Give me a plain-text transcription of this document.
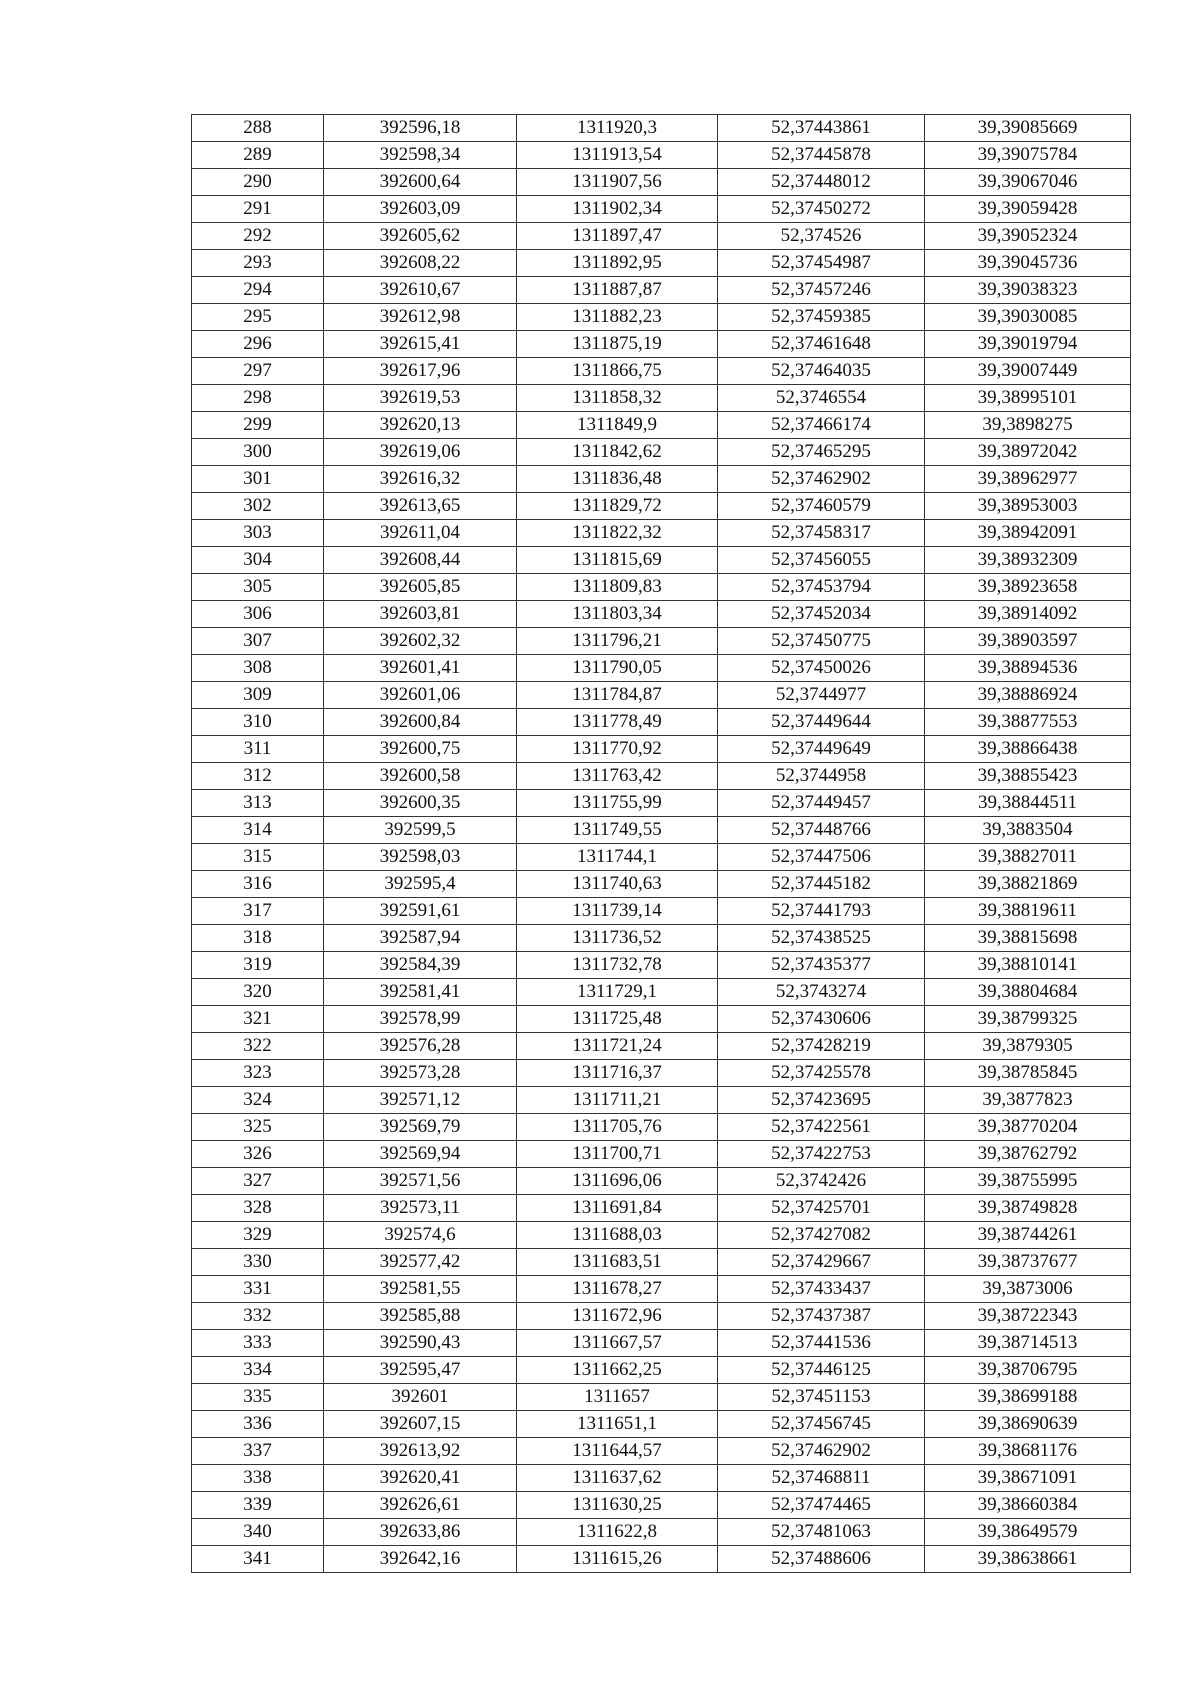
288	392596,18	1311920,3	52,37443861	39,39085669
289	392598,34	1311913,54	52,37445878	39,39075784
290	392600,64	1311907,56	52,37448012	39,39067046
291	392603,09	1311902,34	52,37450272	39,39059428
292	392605,62	1311897,47	52,374526	39,39052324
293	392608,22	1311892,95	52,37454987	39,39045736
294	392610,67	1311887,87	52,37457246	39,39038323
295	392612,98	1311882,23	52,37459385	39,39030085
296	392615,41	1311875,19	52,37461648	39,39019794
297	392617,96	1311866,75	52,37464035	39,39007449
298	392619,53	1311858,32	52,3746554	39,38995101
299	392620,13	1311849,9	52,37466174	39,3898275
300	392619,06	1311842,62	52,37465295	39,38972042
301	392616,32	1311836,48	52,37462902	39,38962977
302	392613,65	1311829,72	52,37460579	39,38953003
303	392611,04	1311822,32	52,37458317	39,38942091
304	392608,44	1311815,69	52,37456055	39,38932309
305	392605,85	1311809,83	52,37453794	39,38923658
306	392603,81	1311803,34	52,37452034	39,38914092
307	392602,32	1311796,21	52,37450775	39,38903597
308	392601,41	1311790,05	52,37450026	39,38894536
309	392601,06	1311784,87	52,3744977	39,38886924
310	392600,84	1311778,49	52,37449644	39,38877553
311	392600,75	1311770,92	52,37449649	39,38866438
312	392600,58	1311763,42	52,3744958	39,38855423
313	392600,35	1311755,99	52,37449457	39,38844511
314	392599,5	1311749,55	52,37448766	39,3883504
315	392598,03	1311744,1	52,37447506	39,38827011
316	392595,4	1311740,63	52,37445182	39,38821869
317	392591,61	1311739,14	52,37441793	39,38819611
318	392587,94	1311736,52	52,37438525	39,38815698
319	392584,39	1311732,78	52,37435377	39,38810141
320	392581,41	1311729,1	52,3743274	39,38804684
321	392578,99	1311725,48	52,37430606	39,38799325
322	392576,28	1311721,24	52,37428219	39,3879305
323	392573,28	1311716,37	52,37425578	39,38785845
324	392571,12	1311711,21	52,37423695	39,3877823
325	392569,79	1311705,76	52,37422561	39,38770204
326	392569,94	1311700,71	52,37422753	39,38762792
327	392571,56	1311696,06	52,3742426	39,38755995
328	392573,11	1311691,84	52,37425701	39,38749828
329	392574,6	1311688,03	52,37427082	39,38744261
330	392577,42	1311683,51	52,37429667	39,38737677
331	392581,55	1311678,27	52,37433437	39,3873006
332	392585,88	1311672,96	52,37437387	39,38722343
333	392590,43	1311667,57	52,37441536	39,38714513
334	392595,47	1311662,25	52,37446125	39,38706795
335	392601	1311657	52,37451153	39,38699188
336	392607,15	1311651,1	52,37456745	39,38690639
337	392613,92	1311644,57	52,37462902	39,38681176
338	392620,41	1311637,62	52,37468811	39,38671091
339	392626,61	1311630,25	52,37474465	39,38660384
340	392633,86	1311622,8	52,37481063	39,38649579
341	392642,16	1311615,26	52,37488606	39,38638661
